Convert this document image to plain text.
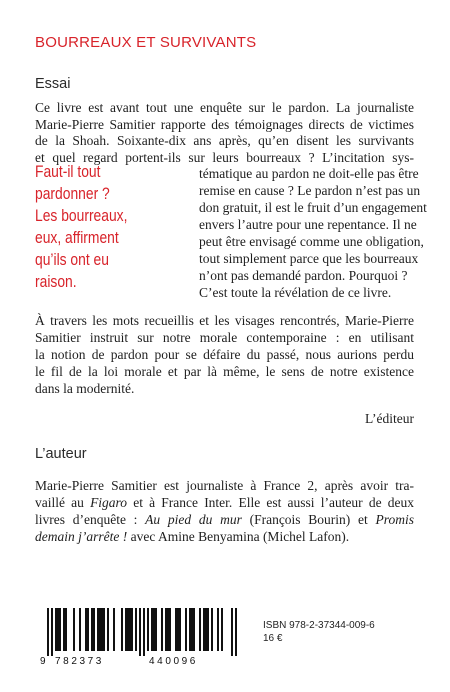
BOURREAUX ET SURVIVANTS
Essai
Ce livre est avant tout une enquête sur le pardon. La journaliste
Marie-Pierre Samitier rapporte des témoignages directs de victimes
de la Shoah. Soixante-dix ans après, qu’en disent les survivants
et quel regard portent-ils sur leurs bourreaux ? L’incitation sys-
tématique au pardon ne doit-elle pas être
remise en cause ? Le pardon n’est pas un
don gratuit, il est le fruit d’un engagement
envers l’autre pour une repentance. Il ne
peut être envisagé comme une obligation,
tout simplement parce que les bourreaux
n’ont pas demandé pardon. Pourquoi ?
C’est toute la révélation de ce livre.
Faut-il tout
pardonner ?
Les bourreaux,
eux, affirment
qu’ils ont eu
raison.
À travers les mots recueillis et les visages rencontrés, Marie-Pierre
Samitier instruit sur notre morale contemporaine : en utilisant
la notion de pardon pour se défaire du passé, nous aurions perdu
le fil de la loi morale et par là même, le sens de notre existence
dans la modernité.
L’éditeur
L’auteur
Marie-Pierre Samitier est journaliste à France 2, après avoir tra-
vaillé au Figaro et à France Inter. Elle est aussi l’auteur de deux
livres d’enquête : Au pied du mur (François Bourin) et Promis
demain j’arrête ! avec Amine Benyamina (Michel Lafon).
9 782373	440096
ISBN 978-2-37344-009-6
16 €
